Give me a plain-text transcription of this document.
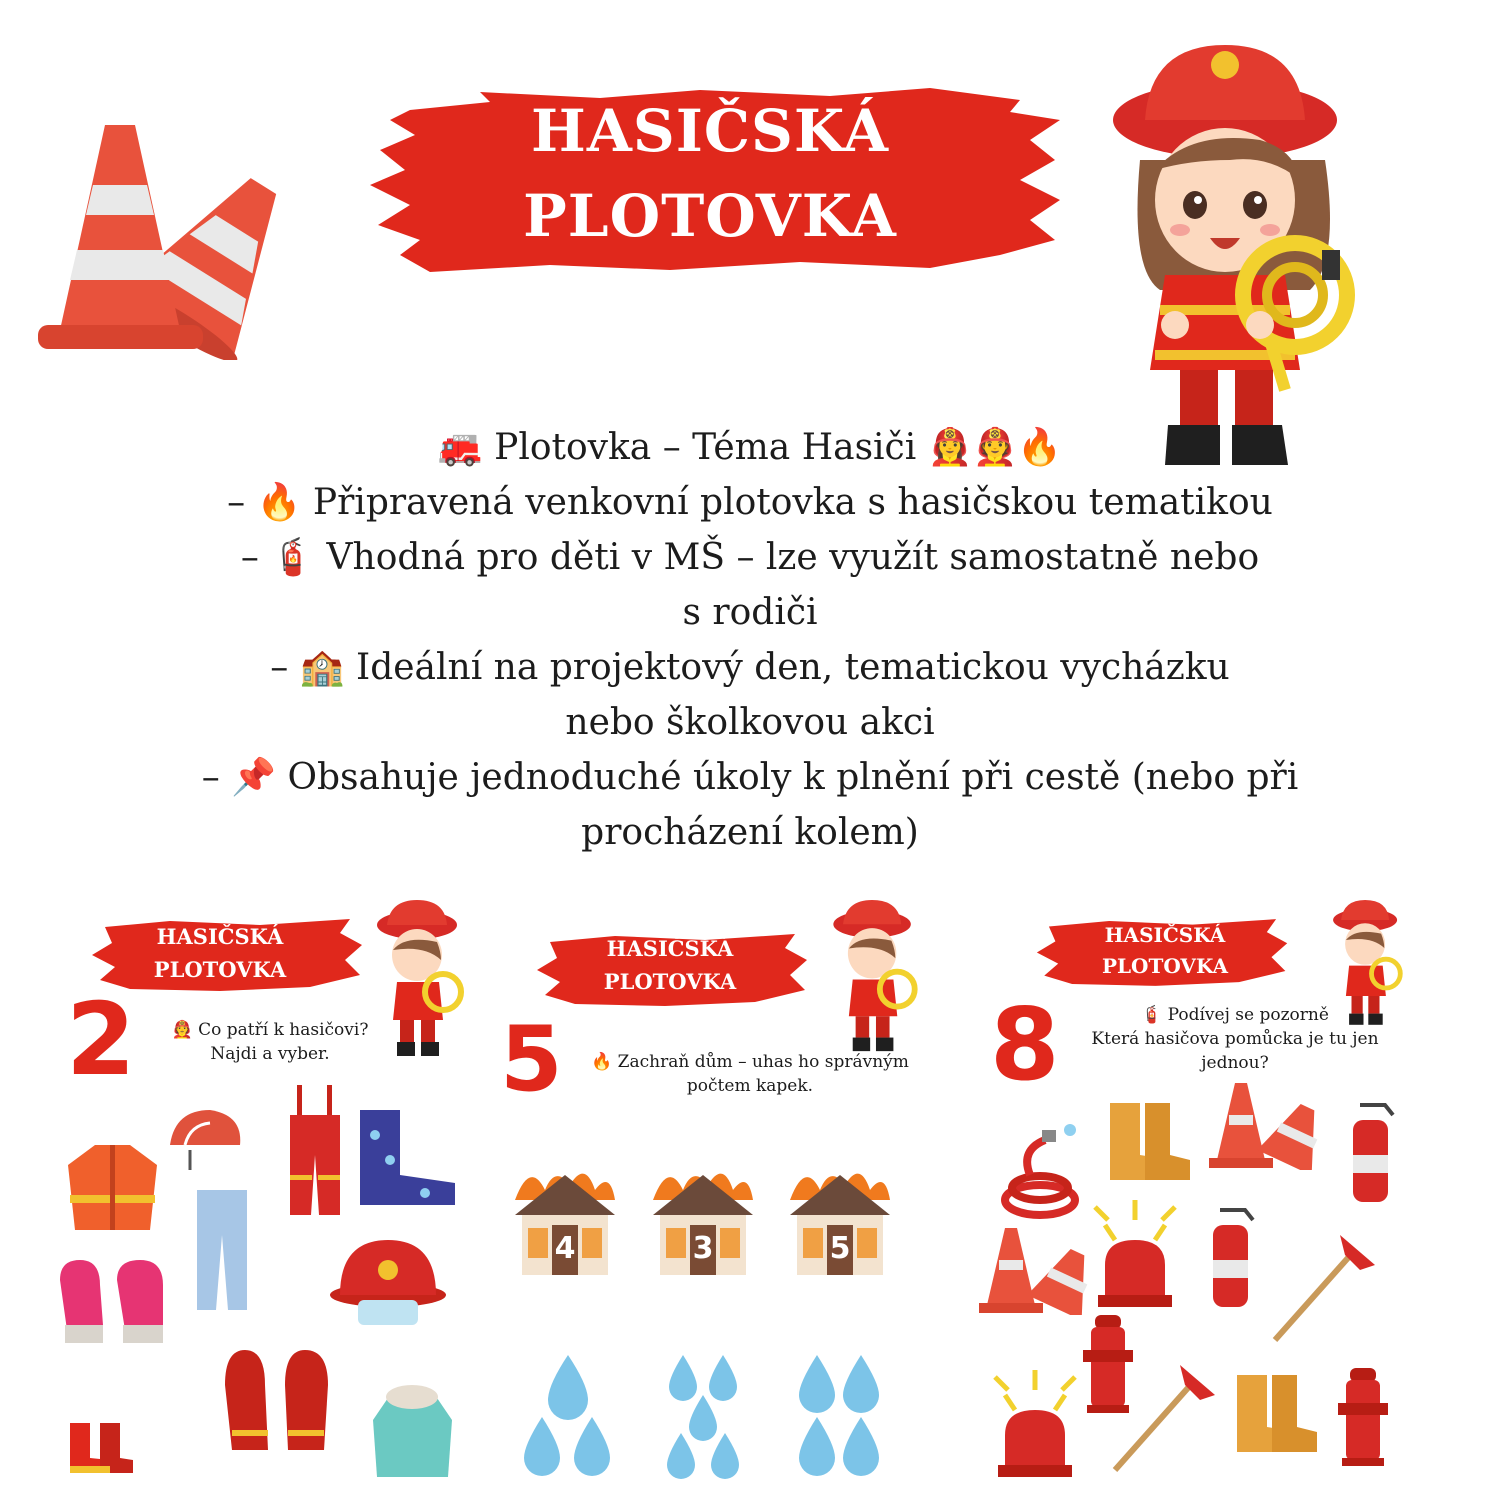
HASIČSKÁ
PLOTOVKA
🚒 Plotovka – Téma Hasiči 👩‍🚒🧑‍🚒🔥
– 🔥 Připravená venkovní plotovka s hasičskou tematikou
– 🧯 Vhodná pro děti v MŠ – lze využít samostatně nebo s rodiči
– 🏫 Ideální na projektový den, tematickou vycházku nebo školkovou akci
– 📌 Obsahuje jednoduché úkoly k plnění při cestě (nebo při procházení kolem)
HASIČSKÁ
PLOTOVKA
2	🧑‍🚒 Co patří k hasičovi?
Najdi a vyber.
HASIČSKÁ
PLOTOVKA
5	🔥 Zachraň dům – uhas ho správným
počtem kapek.
4	3	5
HASIČSKÁ
PLOTOVKA
8	🧯 Podívej se pozorně
Která hasičova pomůcka je tu jen
jednou?
